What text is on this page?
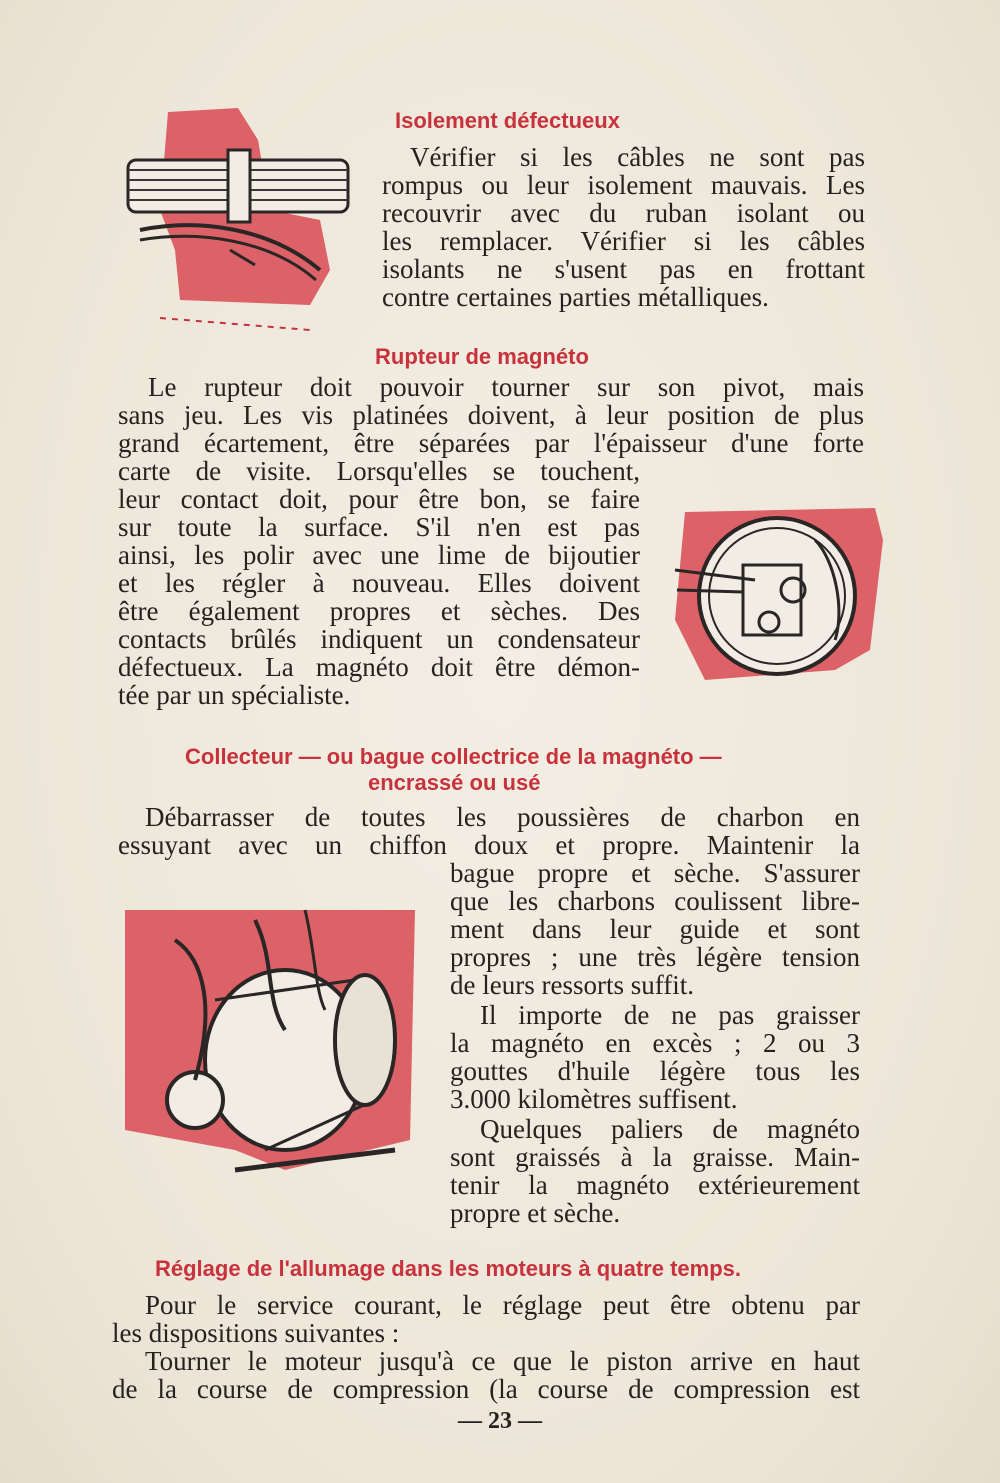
Isolement défectueux
Vérifier si les câbles ne sont pas
rompus ou leur isolement mauvais. Les
recouvrir avec du ruban isolant ou
les remplacer. Vérifier si les câbles
isolants ne s'usent pas en frottant
contre certaines parties métalliques.
Rupteur de magnéto
Le rupteur doit pouvoir tourner sur son pivot, mais
sans jeu. Les vis platinées doivent, à leur position de plus
grand écartement, être séparées par l'épaisseur d'une forte
carte de visite. Lorsqu'elles se touchent,
leur contact doit, pour être bon, se faire
sur toute la surface. S'il n'en est pas
ainsi, les polir avec une lime de bijoutier
et les régler à nouveau. Elles doivent
être également propres et sèches. Des
contacts brûlés indiquent un condensateur
défectueux. La magnéto doit être démon-
tée par un spécialiste.
Collecteur — ou bague collectrice de la magnéto —
encrassé ou usé
Débarrasser de toutes les poussières de charbon en
essuyant avec un chiffon doux et propre. Maintenir la
bague propre et sèche. S'assurer
que les charbons coulissent libre-
ment dans leur guide et sont
propres ; une très légère tension
de leurs ressorts suffit.
Il importe de ne pas graisser
la magnéto en excès ; 2 ou 3
gouttes d'huile légère tous les
3.000 kilomètres suffisent.
Quelques paliers de magnéto
sont graissés à la graisse. Main-
tenir la magnéto extérieurement
propre et sèche.
Réglage de l'allumage dans les moteurs à quatre temps.
Pour le service courant, le réglage peut être obtenu par
les dispositions suivantes :
Tourner le moteur jusqu'à ce que le piston arrive en haut
de la course de compression (la course de compression est
— 23 —
